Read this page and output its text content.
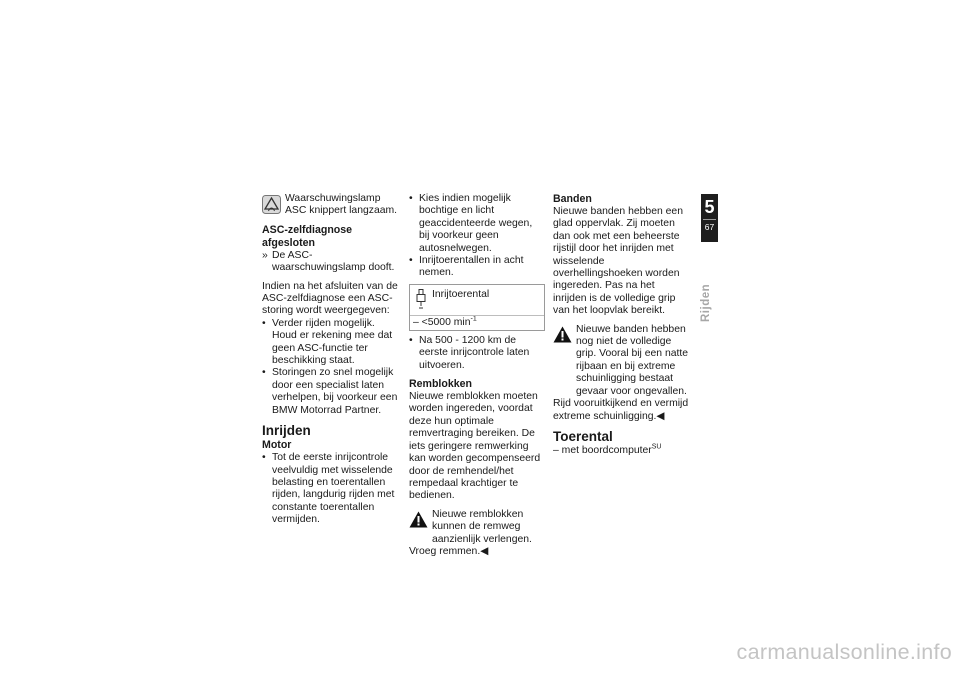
Waarschuwingslamp ASC knippert langzaam.

ASC-zelfdiagnose afgesloten

» De ASC-waarschuwingslamp dooft.

Indien na het afsluiten van de ASC-zelfdiagnose een ASC-storing wordt weergegeven:

• Verder rijden mogelijk. Houd er rekening mee dat geen ASC-functie ter beschikking staat.

• Storingen zo snel mogelijk door een specialist laten verhelpen, bij voorkeur een BMW Motorrad Partner.

Inrijden
Motor

• Tot de eerste inrijcontrole veelvuldig met wisselende belasting en toerentallen rijden, langdurig rijden met constante toerentallen vermijden.

• Kies indien mogelijk bochtige en licht geaccidenteerde wegen, bij voorkeur geen autosnelwegen.

• Inrijtoerentallen in acht nemen.

Inrijtoerental
– <5000 $\min^{-1}$

• Na 500 - 1200 km de eerste inrijcontrole laten uitvoeren.

Remblokken

Nieuwe remblokken moeten worden ingereden, voordat deze hun optimale remvertraging bereiken. De iets geringere remwerking kan worden gecompenseerd door de remhendel/het rempedaal krachtiger te bedienen.

Nieuwe remblokken kunnen de remweg aanzienlijk verlengen.

Vroeg remmen.◀

Banden

Nieuwe banden hebben een glad oppervlak. Zij moeten dan ook met een beheerste rijstijl door het inrijden met wisselende overhellingshoeken worden ingereden. Pas na het inrijden is de volledige grip van het loopvlak bereikt.

Nieuwe banden hebben nog niet de volledige grip. Vooral bij een natte rijbaan en bij extreme schuinligging bestaat gevaar voor ongevallen.

Rijd vooruitkijkend en vermijd extreme schuinligging.◀

Toerental

– met boordcomputer$^{SU}$

5
67
Rijden
carmanualsonline.info
